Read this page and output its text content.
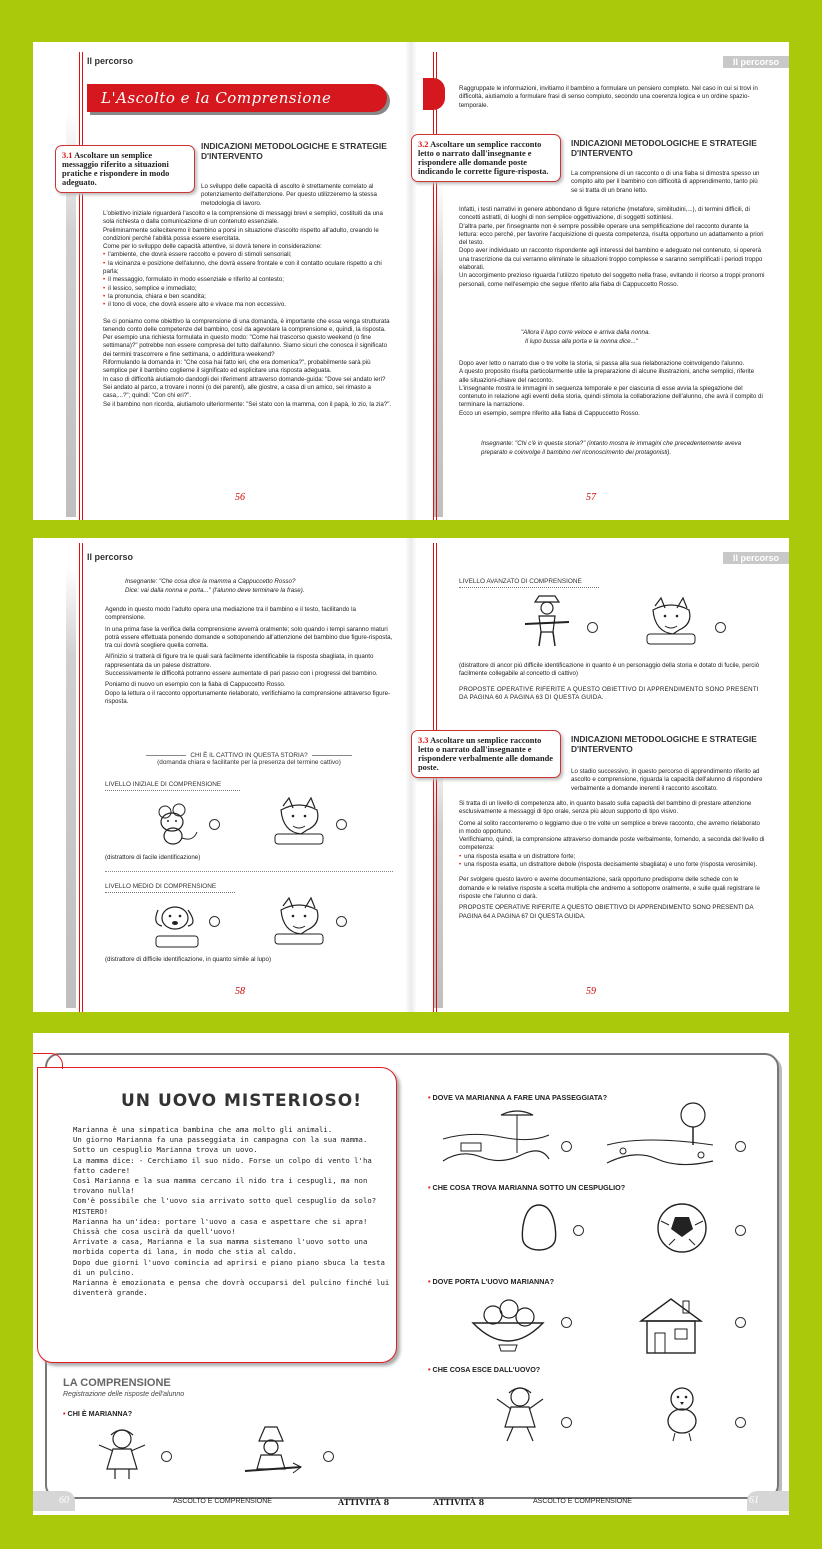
Il percorso
L'Ascolto e la Comprensione
3.1 Ascoltare un semplice messaggio riferito a situazioni pratiche e rispondere in modo adeguato.
INDICAZIONI METODOLOGICHE E STRATEGIE D'INTERVENTO

Lo sviluppo delle capacità di ascolto è strettamente correlato al potenziamento dell'attenzione. Per questo utilizzeremo la stessa metodologia di lavoro.

L'obiettivo iniziale riguarderà l'ascolto e la comprensione di messaggi brevi e semplici, costituiti da una sola richiesta o dalla comunicazione di un contenuto essenziale.

Preliminarmente solleciteremo il bambino a porsi in situazione d'ascolto rispetto all'adulto, creando le condizioni perché l'abilità possa essere esercitata.

Come per lo sviluppo delle capacità attentive, si dovrà tenere in considerazione:

• l'ambiente, che dovrà essere raccolto e povero di stimoli sensoriali;
• la vicinanza e posizione dell'alunno, che dovrà essere frontale e con il contatto oculare rispetto a chi parla;
• il messaggio, formulato in modo essenziale e riferito al contesto;
• il lessico, semplice e immediato;
• la pronuncia, chiara e ben scandita;
• il tono di voce, che dovrà essere alto e vivace ma non eccessivo.

Se ci poniamo come obiettivo la comprensione di una domanda, è importante che essa venga strutturata tenendo conto delle competenze del bambino, così da agevolare la comprensione e, quindi, la risposta.

Per esempio una richiesta formulata in questo modo: "Come hai trascorso questo weekend (o fine settimana)?" potrebbe non essere compresa del tutto dall'alunno. Siamo sicuri che conosca il significato dei termini trascorrere e fine settimana, o addirittura weekend?

Riformulando la domanda in: "Che cosa hai fatto ieri, che era domenica?", probabilmente sarà più semplice per il bambino coglierne il significato ed esplicitare una risposta adeguata.

In caso di difficoltà aiutiamolo dandogli dei riferimenti attraverso domande-guida: "Dove sei andato ieri? Sei andato al parco, a trovare i nonni (o dei parenti), alle giostre, a casa di un amico, sei rimasto a casa,...?"; quindi: "Con chi eri?".

Se il bambino non ricorda, aiutiamolo ulteriormente: "Sei stato con la mamma, con il papà, lo zio, la zia?".

56
Il percorso

Raggruppate le informazioni, invitiamo il bambino a formulare un pensiero completo. Nel caso in cui si trovi in difficoltà, aiutiamolo a formulare frasi di senso compiuto, secondo una coerenza logica e un ordine spazio-temporale.

3.2 Ascoltare un semplice racconto letto o narrato dall'insegnante e rispondere alle domande poste indicando le corrette figure-risposta.
INDICAZIONI METODOLOGICHE E STRATEGIE D'INTERVENTO

La comprensione di un racconto o di una fiaba si dimostra spesso un compito alto per il bambino con difficoltà di apprendimento, tanto più se si tratta di un brano letto.

Infatti, i testi narrativi in genere abbondano di figure retoriche (metafore, similitudini,...), di termini difficili, di concetti astratti, di luoghi di non semplice oggettivazione, di soggetti sottintesi.

D'altra parte, per l'insegnante non è sempre possibile operare una semplificazione del racconto durante la lettura: ecco perché, per favorire l'acquisizione di questa competenza, risulta opportuno un adattamento a priori del testo.

Dopo aver individuato un racconto rispondente agli interessi del bambino e adeguato nel contenuto, si opererà una trascrizione da cui verranno eliminate le situazioni troppo complesse e saranno semplificati i periodi troppo elaborati.

Un accorgimento prezioso riguarda l'utilizzo ripetuto del soggetto nella frase, evitando il ricorso a troppi pronomi personali, come nell'esempio che segue riferito alla fiaba di Cappuccetto Rosso.

"Allora il lupo corre veloce e arriva dalla nonna.
Il lupo bussa alla porta e la nonna dice..."

Dopo aver letto o narrato due o tre volte la storia, si passa alla sua rielaborazione coinvolgendo l'alunno.

A questo proposito risulta particolarmente utile la preparazione di alcune illustrazioni, anche semplici, riferite alle situazioni-chiave del racconto.

L'insegnante mostra le immagini in sequenza temporale e per ciascuna di esse avvia la spiegazione del contenuto in relazione agli eventi della storia, quindi stimola la collaborazione dell'alunno, che avrà il compito di terminare la narrazione.

Ecco un esempio, sempre riferito alla fiaba di Cappuccetto Rosso.

Insegnante: "Chi c'è in questa storia?" (intanto mostra le immagini che precedentemente aveva preparato e coinvolge il bambino nel riconoscimento dei protagonisti).
57
Il percorso
Insegnante: "Che cosa dice la mamma a Cappuccetto Rosso?
Dice: vai dalla nonna e porta..." (l'alunno deve terminare la frase).

Agendo in questo modo l'adulto opera una mediazione tra il bambino e il testo, facilitando la comprensione.

In una prima fase la verifica della comprensione avverrà oralmente; solo quando i tempi saranno maturi potrà essere effettuata ponendo domande e sottoponendo all'attenzione del bambino due figure-risposta, tra cui dovrà scegliere quella corretta.

All'inizio si tratterà di figure tra le quali sarà facilmente identificabile la risposta sbagliata, in quanto rappresentata da un palese distrattore.

Successivamente le difficoltà potranno essere aumentate di pari passo con i progressi del bambino.

Poniamo di nuovo un esempio con la fiaba di Cappuccetto Rosso.

Dopo la lettura o il racconto opportunamente rielaborato, verifichiamo la comprensione attraverso figure-risposta.

CHI È IL CATTIVO IN QUESTA STORIA?
(domanda chiara e facilitante per la presenza del termine cattivo)
LIVELLO INIZIALE DI COMPRENSIONE
(distrattore di facile identificazione)
LIVELLO MEDIO DI COMPRENSIONE
(distrattore di difficile identificazione, in quanto simile al lupo)
58
Il percorso
LIVELLO AVANZATO DI COMPRENSIONE
(distrattore di ancor più difficile identificazione in quanto è un personaggio della storia e dotato di fucile, perciò facilmente collegabile al concetto di cattivo)
PROPOSTE OPERATIVE RIFERITE A QUESTO OBIETTIVO DI APPRENDIMENTO SONO PRESENTI DA PAGINA 60 A PAGINA 63 DI QUESTA GUIDA.
3.3 Ascoltare un semplice racconto letto o narrato dall'insegnante e rispondere verbalmente alle domande poste.
INDICAZIONI METODOLOGICHE E STRATEGIE D'INTERVENTO

Lo stadio successivo, in questo percorso di apprendimento riferito ad ascolto e comprensione, riguarda la capacità dell'alunno di rispondere verbalmente a domande inerenti il racconto ascoltato.

Si tratta di un livello di competenza alto, in quanto basato sulla capacità del bambino di prestare attenzione esclusivamente a messaggi di tipo orale, senza più alcun supporto di tipo visivo.

Come al solito racconteremo o leggiamo due o tre volte un semplice e breve racconto, che avremo rielaborato in modo opportuno.

Verifichiamo, quindi, la comprensione attraverso domande poste verbalmente, fornendo, a seconda del livello di competenza:

• una risposta esatta e un distrattore forte;
• una risposta esatta, un distrattore debole (risposta decisamente sbagliata) e uno forte (risposta verosimile).

Per svolgere questo lavoro e averne documentazione, sarà opportuno predisporre delle schede con le domande e le relative risposte a scelta multipla che andremo a sottoporre oralmente, e sulle quali registrare le risposte che l'alunno ci darà.

PROPOSTE OPERATIVE RIFERITE A QUESTO OBIETTIVO DI APPRENDIMENTO SONO PRESENTI DA PAGINA 64 A PAGINA 67 DI QUESTA GUIDA.

59
UN UOVO MISTERIOSO!
Marianna è una simpatica bambina che ama molto gli animali.
Un giorno Marianna fa una passeggiata in campagna con la sua mamma.
Sotto un cespuglio Marianna trova un uovo.
La mamma dice: - Cerchiamo il suo nido. Forse un colpo di vento l'ha fatto cadere!
Così Marianna e la sua mamma cercano il nido tra i cespugli, ma non trovano nulla!
Com'è possibile che l'uovo sia arrivato sotto quel cespuglio da solo? MISTERO!
Marianna ha un'idea: portare l'uovo a casa e aspettare che si apra!
Chissà che cosa uscirà da quell'uovo!
Arrivate a casa, Marianna e la sua mamma sistemano l'uovo sotto una morbida coperta di lana, in modo che stia al caldo.
Dopo due giorni l'uovo comincia ad aprirsi e piano piano sbuca la testa di un pulcino.
Marianna è emozionata e pensa che dovrà occuparsi del pulcino finché lui diventerà grande.
LA COMPRENSIONE
Registrazione delle risposte dell'alunno
• CHI È MARIANNA?
• DOVE VA MARIANNA A FARE UNA PASSEGGIATA?
• CHE COSA TROVA MARIANNA SOTTO UN CESPUGLIO?
• DOVE PORTA L'UOVO MARIANNA?
• CHE COSA ESCE DALL'UOVO?
60	ASCOLTO E COMPRENSIONE	ATTIVITÀ 8	ATTIVITÀ 8	ASCOLTO E COMPRENSIONE	61
